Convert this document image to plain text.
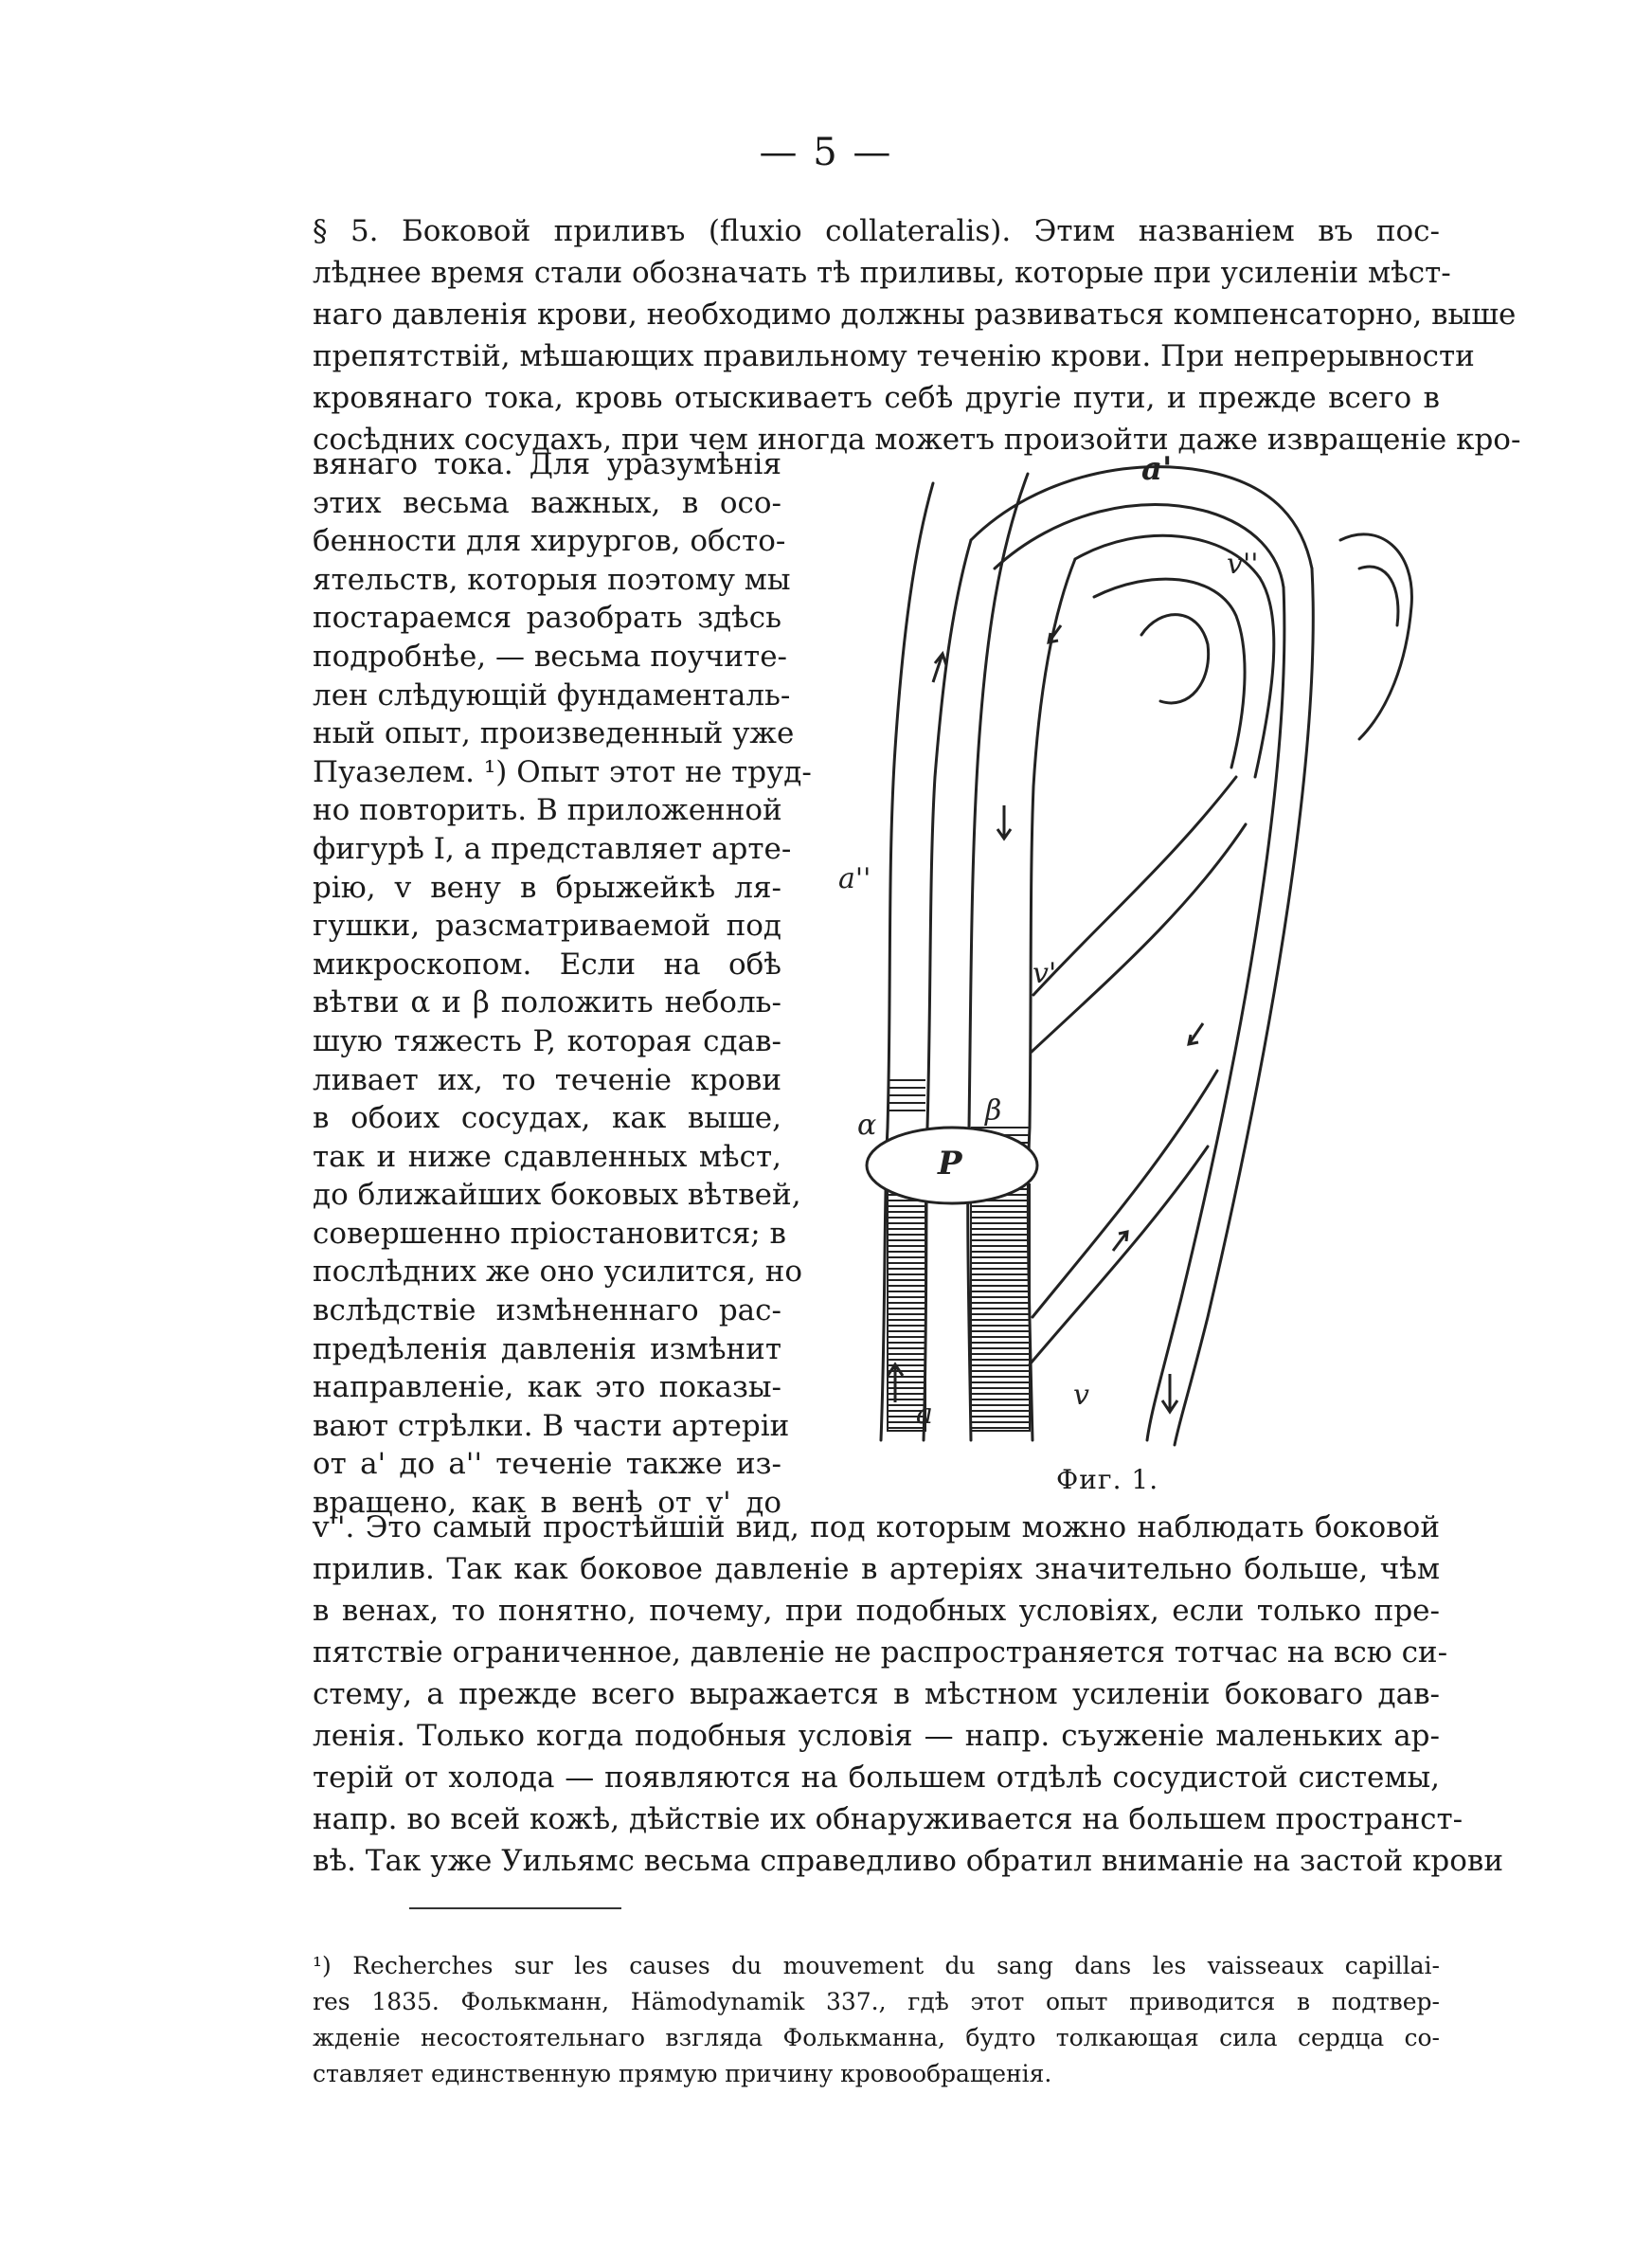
— 5 —
§ 5. Боковой приливъ (fluxio collateralis). Этим названіем въ пос-
лѣднее время стали обозначать тѣ приливы, которые при усиленіи мѣст-
наго давленія крови, необходимо должны развиваться компенсаторно, выше
препятствій, мѣшающих правильному теченію крови. При непрерывности
кровянаго тока, кровь отыскиваетъ себѣ другіе пути, и прежде всего в
сосѣдних сосудахъ, при чем иногда можетъ произойти даже извращеніе кро-
вянаго тока. Для уразумѣнія
этих весьма важных, в осо-
бенности для хирургов, обсто-
ятельств, которыя поэтому мы
постараемся разобрать здѣсь
подробнѣе, — весьма поучите-
лен слѣдующій фундаменталь-
ный опыт, произведенный уже
Пуазелем. ¹) Опыт этот не труд-
но повторить. В приложенной
фигурѣ I, a представляет арте-
рію, v вену в брыжейкѣ ля-
гушки, разсматриваемой под
микроскопом. Если на обѣ
вѣтви α и β положить неболь-
шую тяжесть P, которая сдав-
ливает их, то теченіе крови
в обоих сосудах, как выше,
так и ниже сдавленных мѣст,
до ближайших боковых вѣтвей,
совершенно пріостановится; в
послѣдних же оно усилится, но
вслѣдствіе измѣненнаго рас-
предѣленія давленія измѣнит
направленіе, как это показы-
вают стрѣлки. В части артеріи
от a' до a'' теченіе также из-
вращено, как в венѣ от v' до
a'
v''
a''
v'
P
α	β
a
v
Фиг. 1.
v''. Это самый простѣйшій вид, под которым можно наблюдать боковой
прилив. Так как боковое давленіе в артеріях значительно больше, чѣм
в венах, то понятно, почему, при подобных условіях, если только пре-
пятствіе ограниченное, давленіе не распространяется тотчас на всю си-
стему, а прежде всего выражается в мѣстном усиленіи боковаго дав-
ленія. Только когда подобныя условія — напр. съуженіе маленьких ар-
терій от холода — появляются на большем отдѣлѣ сосудистой системы,
напр. во всей кожѣ, дѣйствіе их обнаруживается на большем пространст-
вѣ. Так уже Уильямс весьма справедливо обратил вниманіе на застой крови
¹) Recherches sur les causes du mouvement du sang dans les vaisseaux capillai-
res 1835. Фолькманн, Hämodynamik 337., гдѣ этот опыт приводится в подтвер-
жденіе несостоятельнаго взгляда Фолькманна, будто толкающая сила сердца со-
ставляет единственную прямую причину кровообращенія.
